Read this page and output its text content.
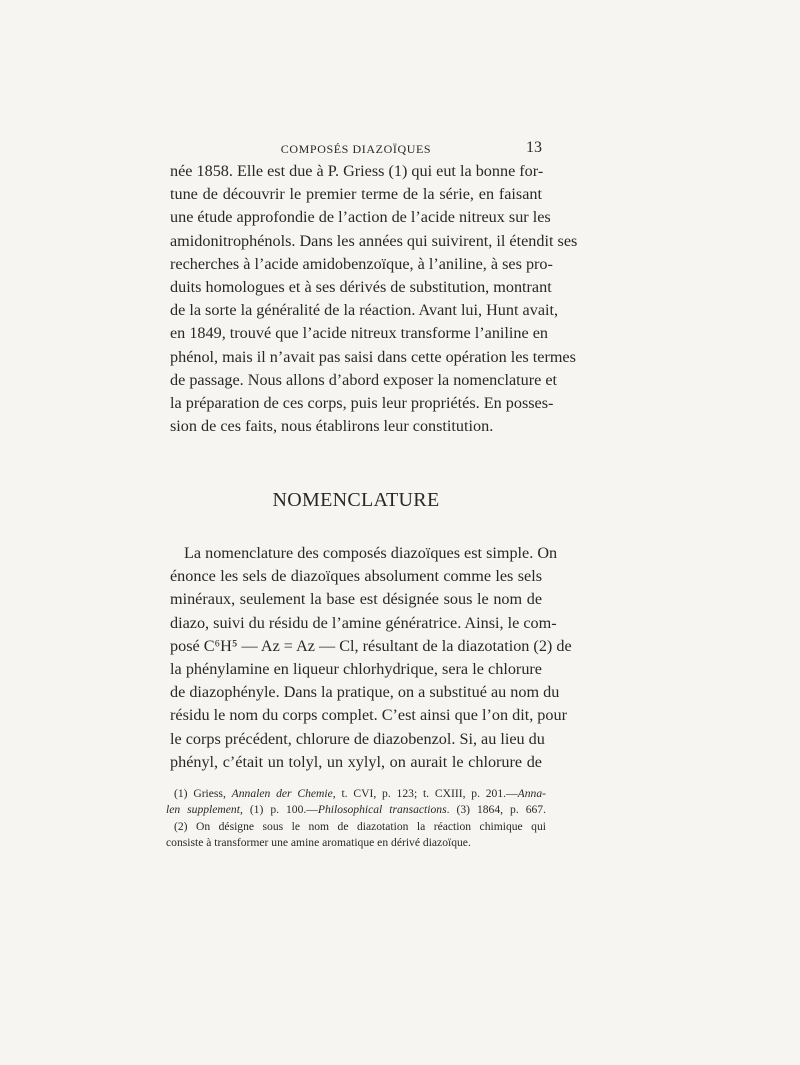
COMPOSÉS DIAZOÏQUES	13
née 1858. Elle est due à P. Griess (1) qui eut la bonne for-
tune de découvrir le premier terme de la série, en faisant
une étude approfondie de l’action de l’acide nitreux sur les
amidonitrophénols. Dans les années qui suivirent, il étendit ses
recherches à l’acide amidobenzoïque, à l’aniline, à ses pro-
duits homologues et à ses dérivés de substitution, montrant
de la sorte la généralité de la réaction. Avant lui, Hunt avait,
en 1849, trouvé que l’acide nitreux transforme l’aniline en
phénol, mais il n’avait pas saisi dans cette opération les termes
de passage. Nous allons d’abord exposer la nomenclature et
la préparation de ces corps, puis leur propriétés. En posses-
sion de ces faits, nous établirons leur constitution.
NOMENCLATURE
La nomenclature des composés diazoïques est simple. On
énonce les sels de diazoïques absolument comme les sels
minéraux, seulement la base est désignée sous le nom de
diazo, suivi du résidu de l’amine génératrice. Ainsi, le com-
posé C⁶H⁵ — Az = Az — Cl, résultant de la diazotation (2) de
la phénylamine en liqueur chlorhydrique, sera le chlorure
de diazophényle. Dans la pratique, on a substitué au nom du
résidu le nom du corps complet. C’est ainsi que l’on dit, pour
le corps précédent, chlorure de diazobenzol. Si, au lieu du
phényl, c’était un tolyl, un xylyl, on aurait le chlorure de
(1) Griess, Annalen der Chemie, t. CVI, p. 123; t. CXIII, p. 201.—Anna-
len supplement, (1) p. 100.—Philosophical transactions. (3) 1864, p. 667.
(2) On désigne sous le nom de diazotation la réaction chimique qui
consiste à transformer une amine aromatique en dérivé diazoïque.
